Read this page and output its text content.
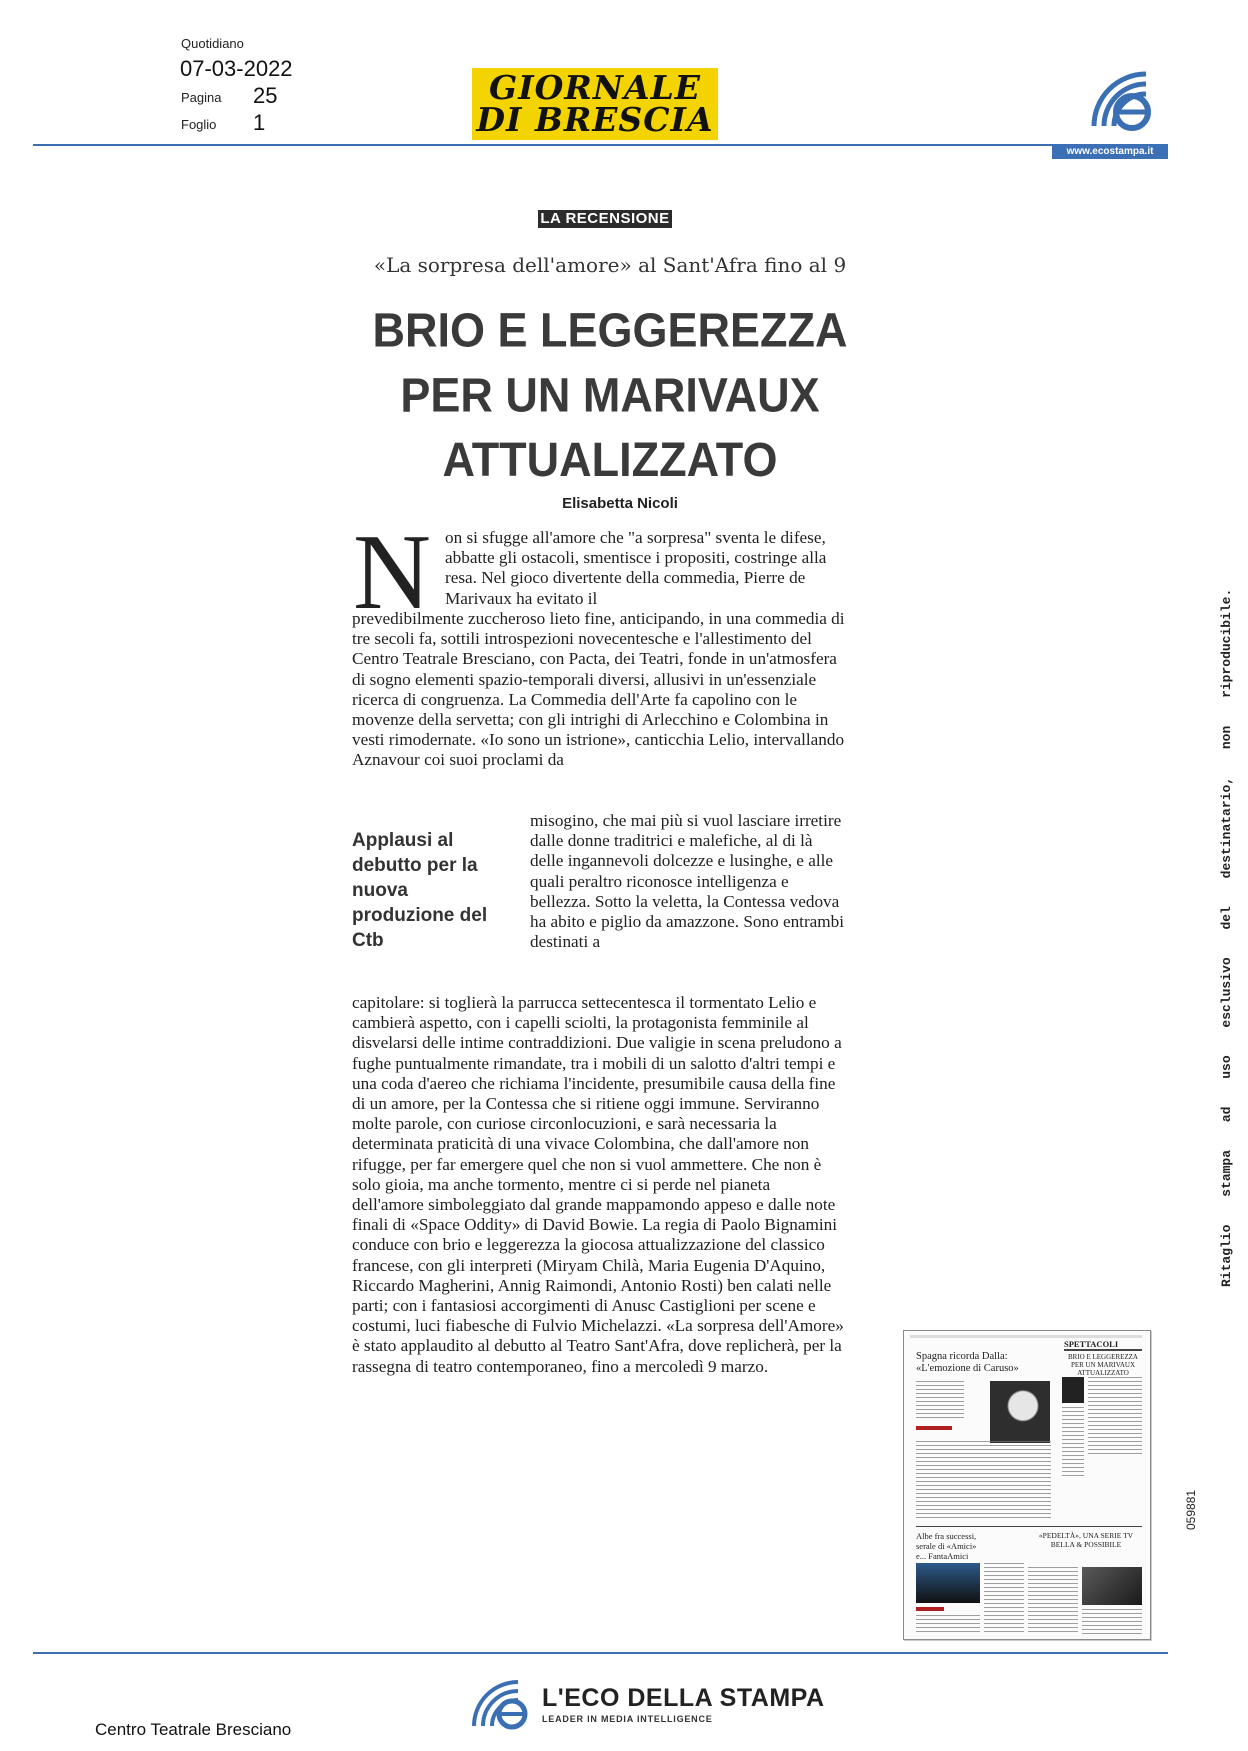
Quotidiano
07-03-2022
Pagina 25
Foglio 1
GIORNALE
DI BRESCIA
www.ecostampa.it
LA RECENSIONE
«La sorpresa dell'amore» al Sant'Afra fino al 9
BRIO E LEGGEREZZA PER UN MARIVAUX ATTUALIZZATO
Elisabetta Nicoli
N on si sfugge all'amore che "a sorpresa" sventa le difese, abbatte gli ostacoli, smentisce i propositi, costringe alla resa. Nel gioco divertente della commedia, Pierre de Marivaux ha evitato il
prevedibilmente zuccheroso lieto fine, anticipando, in una commedia di tre secoli fa, sottili introspezioni novecentesche e l'allestimento del Centro Teatrale Bresciano, con Pacta, dei Teatri, fonde in un'atmosfera di sogno elementi spazio-temporali diversi, allusivi in un'essenziale ricerca di congruenza. La Commedia dell'Arte fa capolino con le movenze della servetta; con gli intrighi di Arlecchino e Colombina in vesti rimodernate. «Io sono un istrione», canticchia Lelio, intervallando Aznavour coi suoi proclami da
Applausi al debutto per la nuova produzione del Ctb
misogino, che mai più si vuol lasciare irretire dalle donne traditrici e malefiche, al di là delle ingannevoli dolcezze e lusinghe, e alle quali peraltro riconosce intelligenza e bellezza. Sotto la veletta, la Contessa vedova ha abito e piglio da amazzone. Sono entrambi destinati a
capitolare: si toglierà la parrucca settecentesca il tormentato Lelio e cambierà aspetto, con i capelli sciolti, la protagonista femminile al disvelarsi delle intime contraddizioni. Due valigie in scena preludono a fughe puntualmente rimandate, tra i mobili di un salotto d'altri tempi e una coda d'aereo che richiama l'incidente, presumibile causa della fine di un amore, per la Contessa che si ritiene oggi immune. Serviranno molte parole, con curiose circonlocuzioni, e sarà necessaria la determinata praticità di una vivace Colombina, che dall'amore non rifugge, per far emergere quel che non si vuol ammettere. Che non è solo gioia, ma anche tormento, mentre ci si perde nel pianeta dell'amore simboleggiato dal grande mappamondo appeso e dalle note finali di «Space Oddity» di David Bowie. La regia di Paolo Bignamini conduce con brio e leggerezza la giocosa attualizzazione del classico francese, con gli interpreti (Miryam Chilà, Maria Eugenia D'Aquino, Riccardo Magherini, Annig Raimondi, Antonio Rosti) ben calati nelle parti; con i fantasiosi accorgimenti di Anusc Castiglioni per scene e costumi, luci fiabesche di Fulvio Michelazzi. «La sorpresa dell'Amore» è stato applaudito al debutto al Teatro Sant'Afra, dove replicherà, per la rassegna di teatro contemporaneo, fino a mercoledì 9 marzo.
Spagna ricorda Dalla: «L'emozione di Caruso»
SPETTACOLI
BRIO E LEGGEREZZA PER UN MARIVAUX ATTUALIZZATO
Albe fra successi, serale di «Amici» e... FantaAmici
«PEDELTÀ», UNA SERIE TV BELLA & POSSIBILE
Ritaglio stampa ad uso esclusivo del destinatario, non riproducibile.
059881
L'ECO DELLA STAMPA
LEADER IN MEDIA INTELLIGENCE
Centro Teatrale Bresciano
